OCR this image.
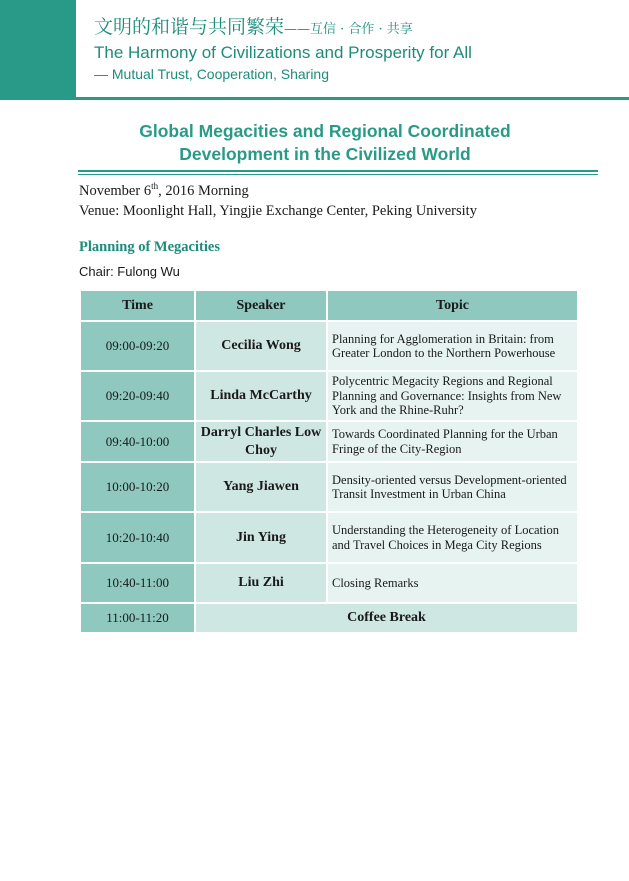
文明的和谐与共同繁荣——互信 · 合作 · 共享
The Harmony of Civilizations and Prosperity for All
— Mutual Trust, Cooperation, Sharing
Global Megacities and Regional Coordinated
Development in the Civilized World
November 6th, 2016 Morning
Venue: Moonlight Hall, Yingjie Exchange Center, Peking University
Planning of Megacities
Chair: Fulong Wu
Time	Speaker	Topic
09:00-09:20	Cecilia Wong	Planning for Agglomeration in Britain: from Greater London to the Northern Powerhouse
09:20-09:40	Linda McCarthy	Polycentric Megacity Regions and Regional Planning and Governance: Insights from New York and the Rhine-Ruhr?
09:40-10:00	Darryl Charles Low Choy	Towards Coordinated Planning for the Urban Fringe of the City-Region
10:00-10:20	Yang Jiawen	Density-oriented versus Development-oriented Transit Investment in Urban China
10:20-10:40	Jin Ying	Understanding the Heterogeneity of Location and Travel Choices in Mega City Regions
10:40-11:00	Liu Zhi	Closing Remarks
11:00-11:20	Coffee Break	
